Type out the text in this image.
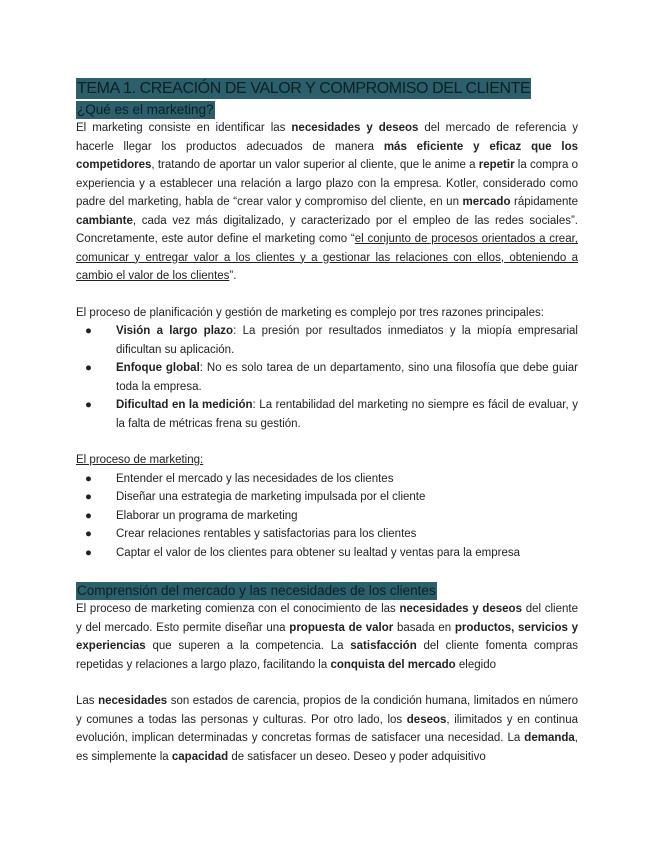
TEMA 1. CREACIÓN DE VALOR Y COMPROMISO DEL CLIENTE
¿Qué es el marketing?

El marketing consiste en identificar las necesidades y deseos del mercado de referencia y hacerle llegar los productos adecuados de manera más eficiente y eficaz que los competidores, tratando de aportar un valor superior al cliente, que le anime a repetir la compra o experiencia y a establecer una relación a largo plazo con la empresa. Kotler, considerado como padre del marketing, habla de “crear valor y compromiso del cliente, en un mercado rápidamente cambiante, cada vez más digitalizado, y caracterizado por el empleo de las redes sociales”. Concretamente, este autor define el marketing como “el conjunto de procesos orientados a crear, comunicar y entregar valor a los clientes y a gestionar las relaciones con ellos, obteniendo a cambio el valor de los clientes”.

El proceso de planificación y gestión de marketing es complejo por tres razones principales:

● Visión a largo plazo: La presión por resultados inmediatos y la miopía empresarial dificultan su aplicación.
● Enfoque global: No es solo tarea de un departamento, sino una filosofía que debe guiar toda la empresa.
● Dificultad en la medición: La rentabilidad del marketing no siempre es fácil de evaluar, y la falta de métricas frena su gestión.

El proceso de marketing:

● Entender el mercado y las necesidades de los clientes
● Diseñar una estrategia de marketing impulsada por el cliente
● Elaborar un programa de marketing
● Crear relaciones rentables y satisfactorias para los clientes
● Captar el valor de los clientes para obtener su lealtad y ventas para la empresa
Comprensión del mercado y las necesidades de los clientes

El proceso de marketing comienza con el conocimiento de las necesidades y deseos del cliente y del mercado. Esto permite diseñar una propuesta de valor basada en productos, servicios y experiencias que superen a la competencia. La satisfacción del cliente fomenta compras repetidas y relaciones a largo plazo, facilitando la conquista del mercado elegido

Las necesidades son estados de carencia, propios de la condición humana, limitados en número y comunes a todas las personas y culturas. Por otro lado, los deseos, ilimitados y en continua evolución, implican determinadas y concretas formas de satisfacer una necesidad. La demanda, es simplemente la capacidad de satisfacer un deseo. Deseo y poder adquisitivo
